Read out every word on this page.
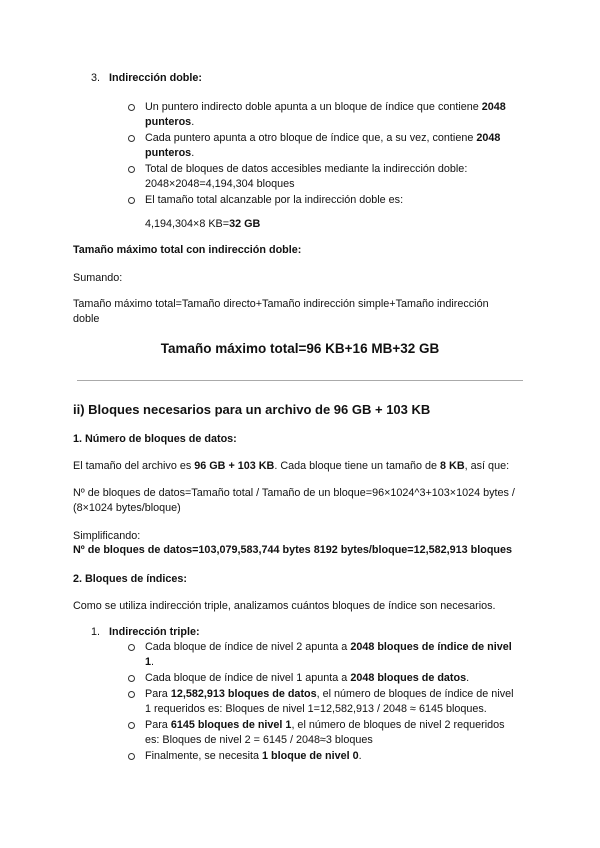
3. Indirección doble:
Un puntero indirecto doble apunta a un bloque de índice que contiene 2048
punteros.
Cada puntero apunta a otro bloque de índice que, a su vez, contiene 2048
punteros.
Total de bloques de datos accesibles mediante la indirección doble:
2048×2048=4,194,304 bloques
El tamaño total alcanzable por la indirección doble es:
4,194,304×8 KB=32 GB
Tamaño máximo total con indirección doble:
Sumando:
Tamaño máximo total=Tamaño directo+Tamaño indirección simple+Tamaño indirección
doble
Tamaño máximo total=96 KB+16 MB+32 GB
ii) Bloques necesarios para un archivo de 96 GB + 103 KB
1. Número de bloques de datos:
El tamaño del archivo es 96 GB + 103 KB. Cada bloque tiene un tamaño de 8 KB, así que:
Nº de bloques de datos=Tamaño total / Tamaño de un bloque=96×1024^3+103×1024 bytes /
(8×1024 bytes/bloque)
Simplificando:
Nº de bloques de datos=103,079,583,744 bytes 8192 bytes/bloque=12,582,913 bloques
2. Bloques de índices:
Como se utiliza indirección triple, analizamos cuántos bloques de índice son necesarios.
1. Indirección triple:
Cada bloque de índice de nivel 2 apunta a 2048 bloques de índice de nivel
1.
Cada bloque de índice de nivel 1 apunta a 2048 bloques de datos.
Para 12,582,913 bloques de datos, el número de bloques de índice de nivel
1 requeridos es: Bloques de nivel 1=12,582,913 / 2048 ≈ 6145 bloques.
Para 6145 bloques de nivel 1, el número de bloques de nivel 2 requeridos
es: Bloques de nivel 2 = 6145 / 2048≈3 bloques
Finalmente, se necesita 1 bloque de nivel 0.
